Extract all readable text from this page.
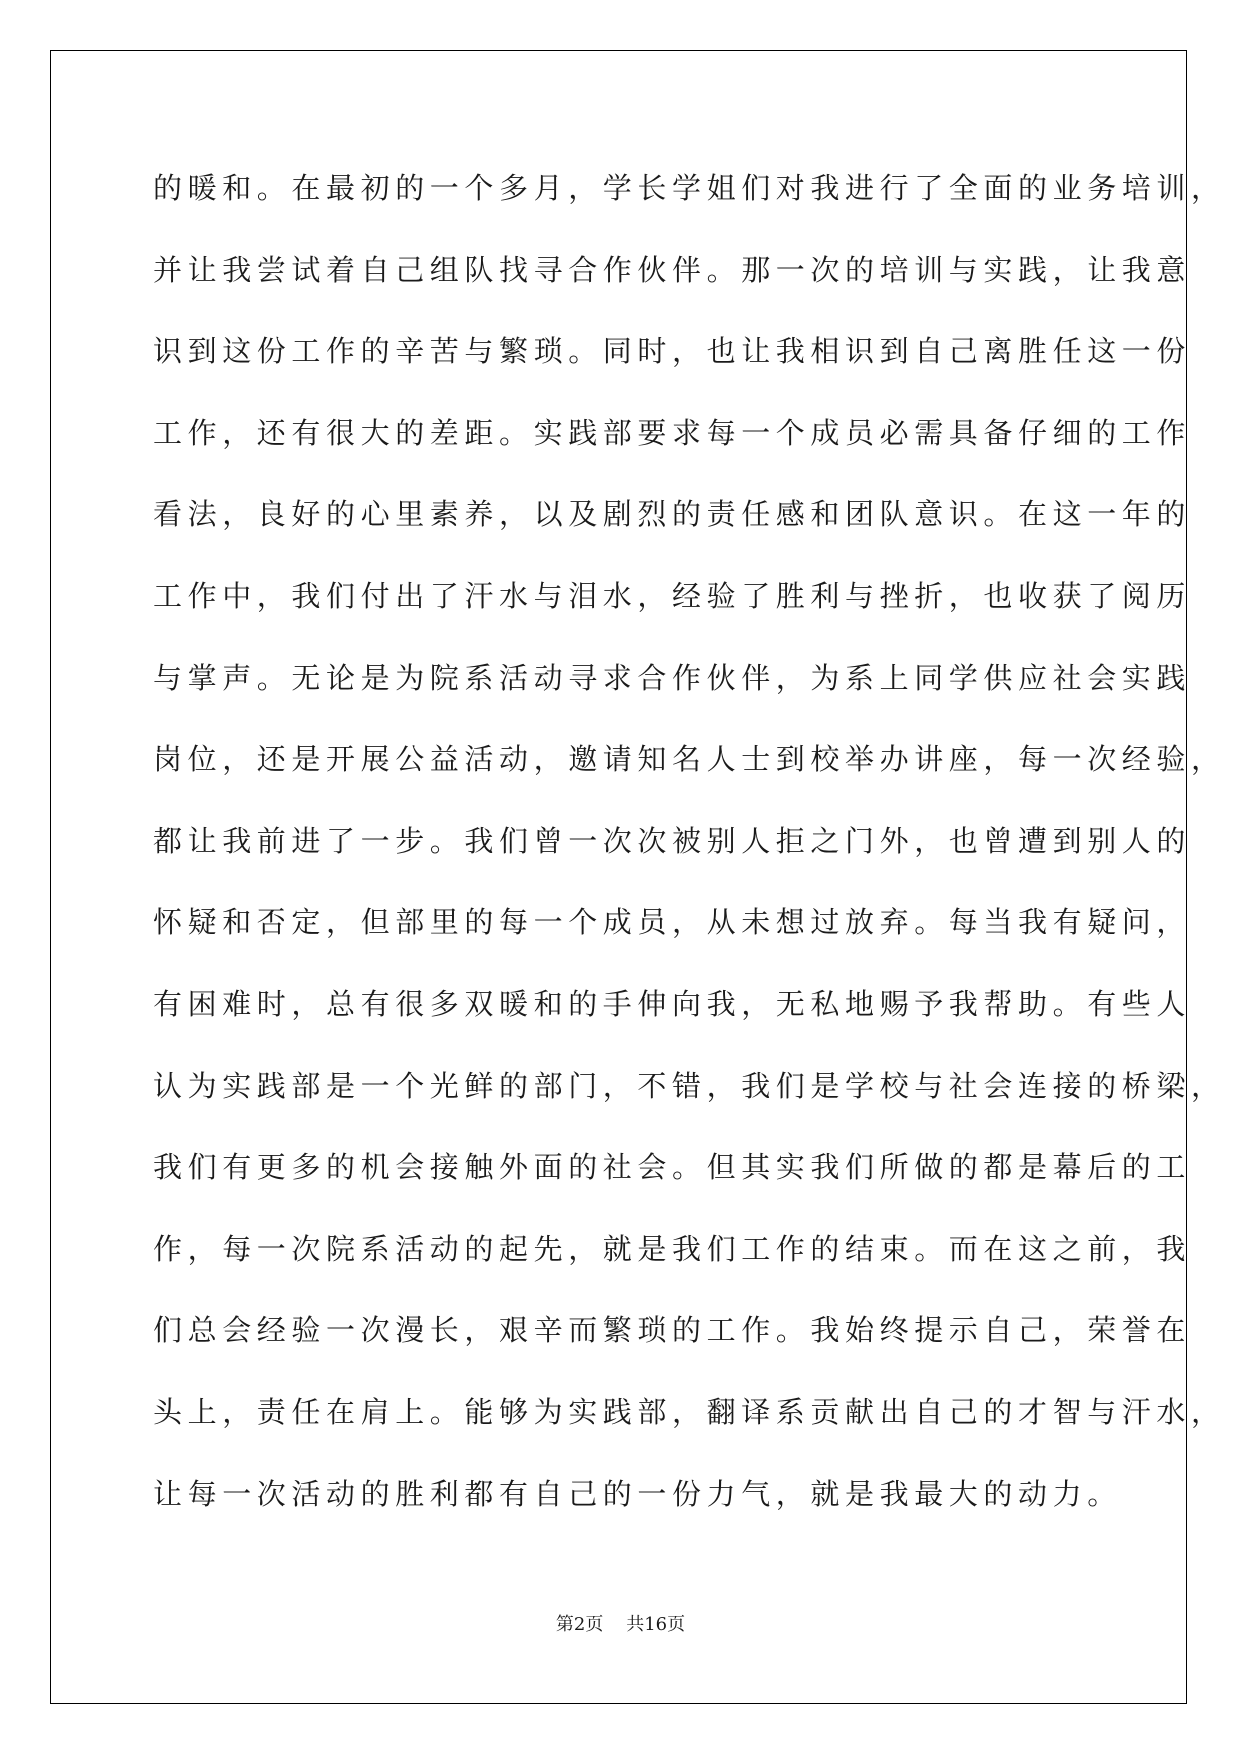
的暖和。在最初的一个多月，学长学姐们对我进行了全面的业务培训，
并让我尝试着自己组队找寻合作伙伴。那一次的培训与实践，让我意
识到这份工作的辛苦与繁琐。同时，也让我相识到自己离胜任这一份
工作，还有很大的差距。实践部要求每一个成员必需具备仔细的工作
看法，良好的心里素养，以及剧烈的责任感和团队意识。在这一年的
工作中，我们付出了汗水与泪水，经验了胜利与挫折，也收获了阅历
与掌声。无论是为院系活动寻求合作伙伴，为系上同学供应社会实践
岗位，还是开展公益活动，邀请知名人士到校举办讲座，每一次经验，
都让我前进了一步。我们曾一次次被别人拒之门外，也曾遭到别人的
怀疑和否定，但部里的每一个成员，从未想过放弃。每当我有疑问，
有困难时，总有很多双暖和的手伸向我，无私地赐予我帮助。有些人
认为实践部是一个光鲜的部门，不错，我们是学校与社会连接的桥梁，
我们有更多的机会接触外面的社会。但其实我们所做的都是幕后的工
作，每一次院系活动的起先，就是我们工作的结束。而在这之前，我
们总会经验一次漫长，艰辛而繁琐的工作。我始终提示自己，荣誉在
头上，责任在肩上。能够为实践部，翻译系贡献出自己的才智与汗水，
让每一次活动的胜利都有自己的一份力气，就是我最大的动力。
第2页    共16页
